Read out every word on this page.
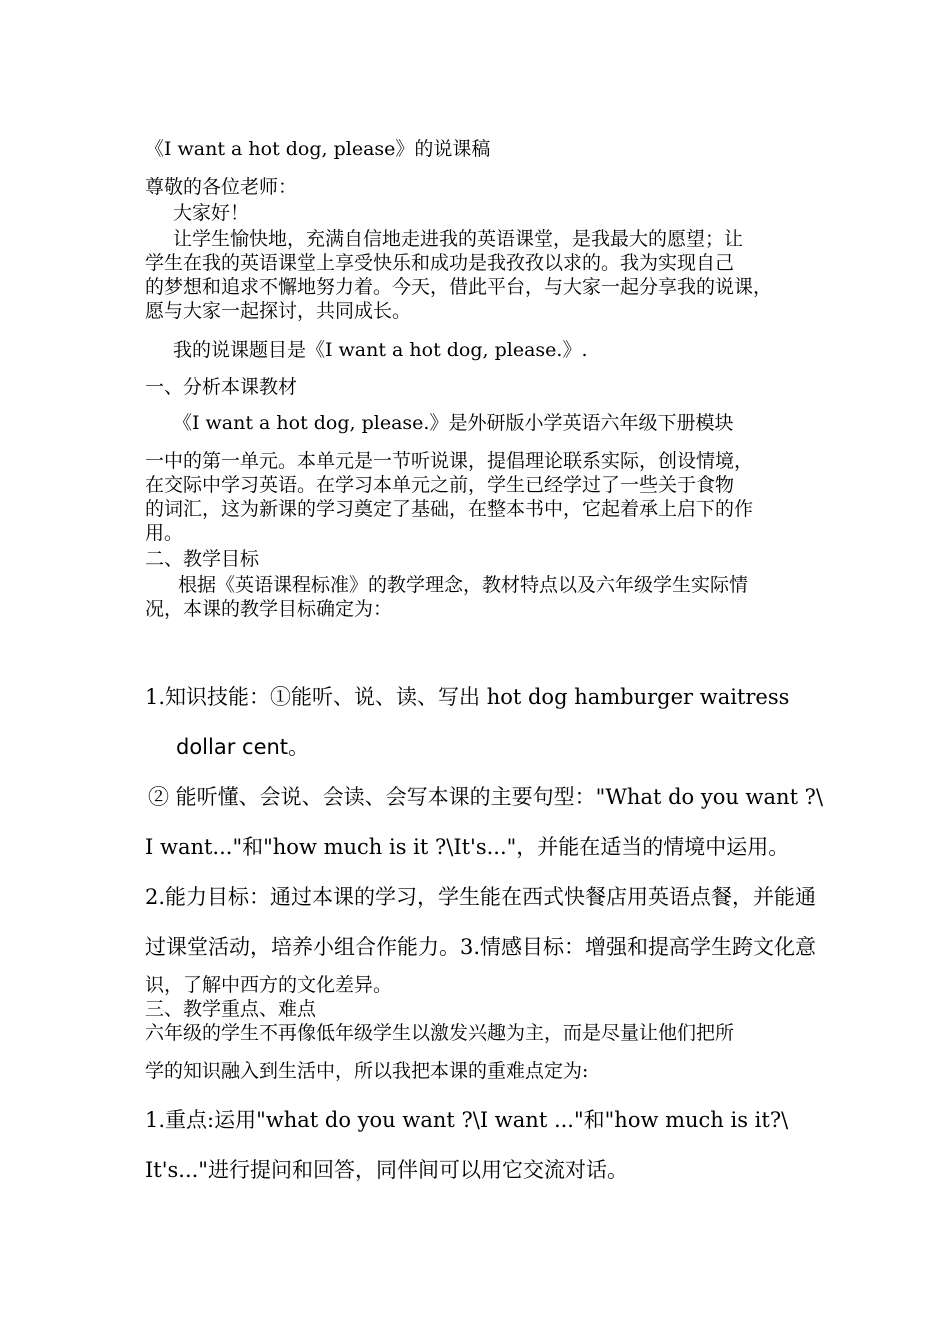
《I want a hot dog, please》的说课稿
尊敬的各位老师：
大家好！
让学生愉快地，充满自信地走进我的英语课堂，是我最大的愿望；让
学生在我的英语课堂上享受快乐和成功是我孜孜以求的。我为实现自己
的梦想和追求不懈地努力着。今天，借此平台，与大家一起分享我的说课，
愿与大家一起探讨，共同成长。
我的说课题目是《I want a hot dog, please.》.
一、分析本课教材
《I want a hot dog, please.》是外研版小学英语六年级下册模块
一中的第一单元。本单元是一节听说课，提倡理论联系实际，创设情境，
在交际中学习英语。在学习本单元之前，学生已经学过了一些关于食物
的词汇，这为新课的学习奠定了基础，在整本书中，它起着承上启下的作
用。
二、教学目标
根据《英语课程标准》的教学理念，教材特点以及六年级学生实际情
况，本课的教学目标确定为：
1.知识技能：①能听、说、读、写出 hot dog hamburger waitress
dollar cent。
② 能听懂、会说、会读、会写本课的主要句型："What do you want ?\
I want..."和"how much is it ?\It's..."，并能在适当的情境中运用。
2.能力目标：通过本课的学习，学生能在西式快餐店用英语点餐，并能通
过课堂活动，培养小组合作能力。3.情感目标：增强和提高学生跨文化意
识，了解中西方的文化差异。
三、教学重点、难点
六年级的学生不再像低年级学生以激发兴趣为主，而是尽量让他们把所
学的知识融入到生活中，所以我把本课的重难点定为:
1.重点:运用"what do you want ?\I want ..."和"how much is it?\
It's..."进行提问和回答，同伴间可以用它交流对话。
